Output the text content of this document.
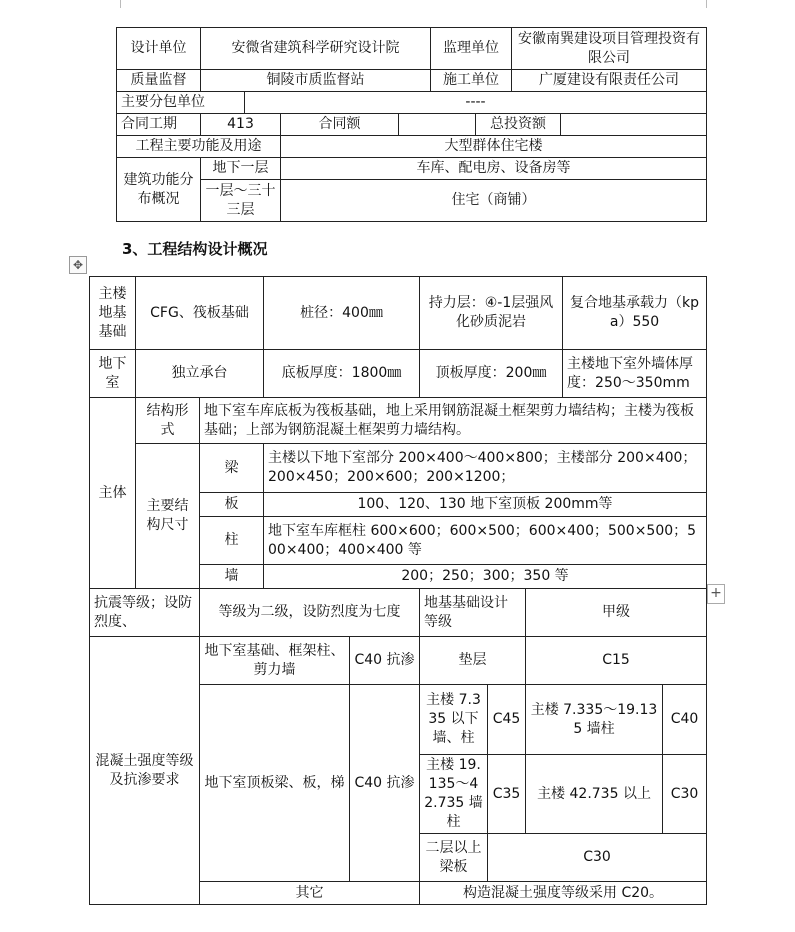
设计单位	安微省建筑科学研究设计院				监理单位		安徽南巽建设项目管理投资有限公司	
质量监督	铜陵市质监督站				施工单位		广厦建设有限责任公司	
主要分包单位		----						
合同工期	413		合同额			总投资额		
工程主要功能及用途			大型群体住宅楼					
建筑功能分布概况	地下一层		车库、配电房、设备房等					
	一层～三十三层		住宅（商铺）					
3、工程结构设计概况
✥
主楼地基基础	CFG、筏板基础		桩径：400㎜		持力层：④-1层强风化砂质泥岩			复合地基承载力（kpa）550	
地下室	独立承台		底板厚度：1800㎜		顶板厚度：200㎜			主楼地下室外墙体厚度：250～350mm	
主体	结构形式	地下室车库底板为筏板基础，地上采用钢筋混凝土框架剪力墙结构；主楼为筏板基础；上部为钢筋混凝土框架剪力墙结构。							
	主要结构尺寸	梁	主楼以下地下室部分 200×400～400×800；主楼部分 200×400；200×450；200×600；200×1200；						
		板	100、120、130 地下室顶板 200mm等						
		柱	地下室车库框柱 600×600；600×500；600×400；500×500；500×400；400×400 等						
		墙	200；250；300；350 等						
抗震等级；设防烈度、		等级为二级，设防烈度为七度			地基基础设计等级		甲级		
混凝土强度等级及抗渗要求		地下室基础、框架柱、剪力墙		C40 抗渗	垫层		C15		
		地下室顶板梁、板，梯		C40 抗渗	主楼 7.335 以下墙、柱	C45	主楼 7.335～19.135 墙柱		C40
					主楼 19.135～42.735 墙柱	C35	主楼 42.735 以上		C30
					二层以上梁板	C30			
		其它			构造混凝土强度等级采用 C20。				
+
